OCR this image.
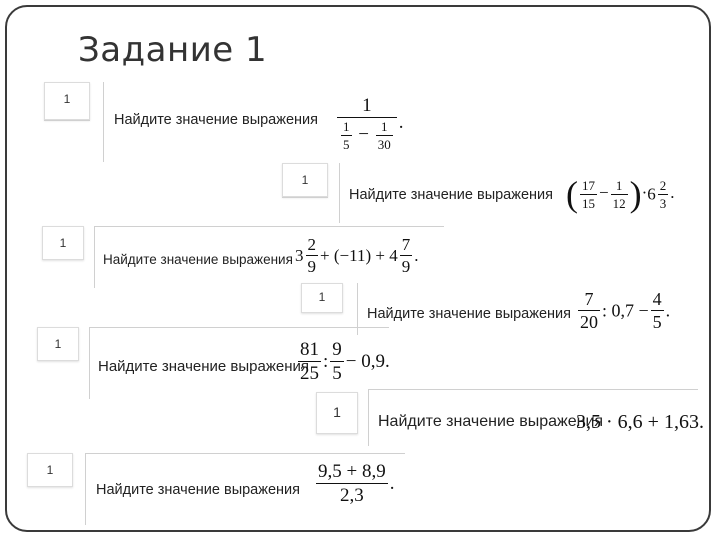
Задание 1
1
Найдите значение выражения $\frac{1}{\frac{1}{5} - \frac{1}{30}}$ .
1
Найдите значение выражения ( $\frac{17}{15} - \frac{1}{12} )\cdot 6 \frac{2}{3}$ .
1
Найдите значение выражения $3 \frac{2}{9} + (-11) + 4 \frac{7}{9}$ .
1
Найдите значение выражения $\frac{7}{20}$ : $0,7 - \frac{4}{5}$ .
1
Найдите значение выражения
$\frac{81}{25}$ : $\frac{9}{5} - 0,9$.
1
Найдите значение выражения
3,5 · 6,6 + 1,63.
1
Найдите значение выражения $\frac{9,5 + 8,9}{2,3}$ .
